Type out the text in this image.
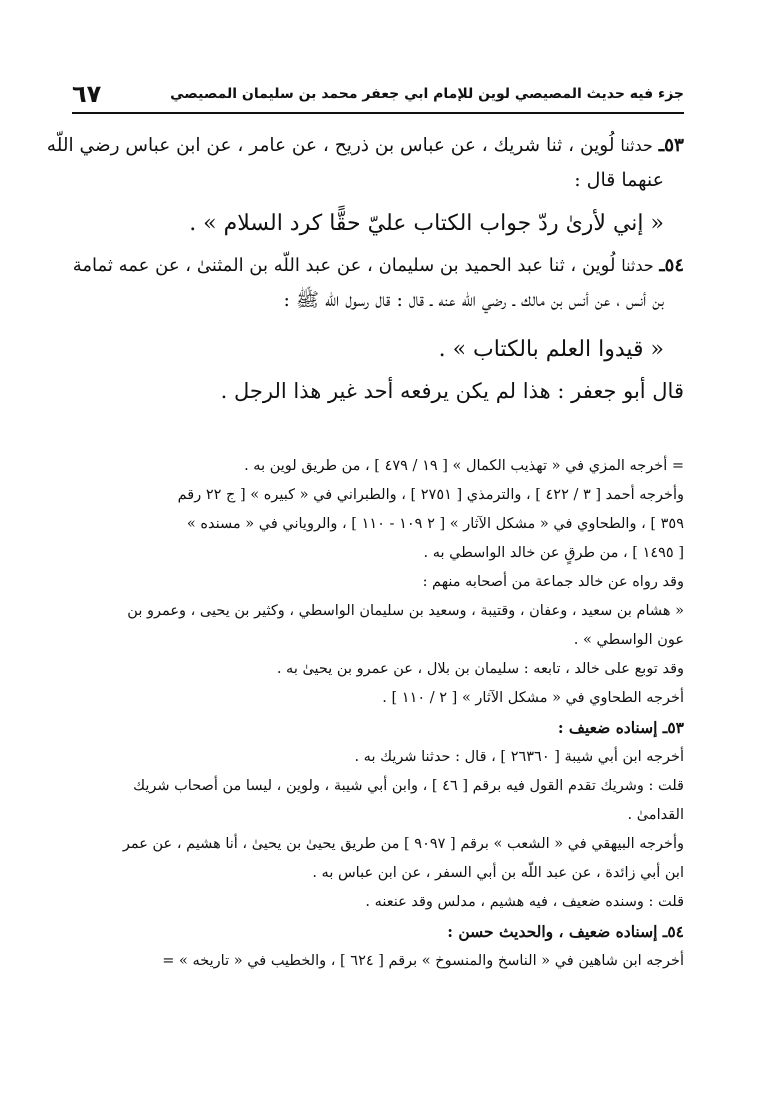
جزء فيه حديث المصيصي لوين للإمام ابي جعفر محمد بن سليمان المصيصي
٦٧
٥٣ـ حدثنا لُوين ، ثنا شريك ، عن عباس بن ذريح ، عن عامر ، عن ابن عباس رضي اللّه
عنهما قال :
« إني لأرىٰ ردّ جواب الكتاب عليّ حقًّا كرد السلام » .
٥٤ـ حدثنا لُوين ، ثنا عبد الحميد بن سليمان ، عن عبد اللّه بن المثنىٰ ، عن عمه ثمامة
بن أنس ، عن أنس بن مالك ـ رضي اللّه عنه ـ قال : قال رسول اللّه ﷺ :
« قيدوا العلم بالكتاب » .
قال أبو جعفر : هذا لم يكن يرفعه أحد غير هذا الرجل .

= أخرجه المزي في « تهذيب الكمال » [ ١٩ / ٤٧٩ ] ، من طريق لوين به .

وأخرجه أحمد [ ٣ / ٤٢٢ ] ، والترمذي [ ٢٧٥١ ] ، والطبراني في « كبيره » [ ج ٢٢ رقم

٣٥٩ ] ، والطحاوي في « مشكل الآثار » [ ٢ ١٠٩ - ١١٠ ] ، والروياني في « مسنده »

[ ١٤٩٥ ] ، من طرقٍ عن خالد الواسطي به .

وقد رواه عن خالد جماعة من أصحابه منهم :

« هشام بن سعيد ، وعفان ، وقتيبة ، وسعيد بن سليمان الواسطي ، وكثير بن يحيى ، وعمرو بن

عون الواسطي » .

وقد توبع على خالد ، تابعه : سليمان بن بلال ، عن عمرو بن يحيىٰ به .

أخرجه الطحاوي في « مشكل الآثار » [ ٢ / ١١٠ ] .

٥٣ـ إسناده ضعيف :

أخرجه ابن أبي شيبة [ ٢٦٣٦٠ ] ، قال : حدثنا شريك به .

قلت : وشريك تقدم القول فيه برقم [ ٤٦ ] ، وابن أبي شيبة ، ولوين ، ليسا من أصحاب شريك

القدامىٰ .

وأخرجه البيهقي في « الشعب » برقم [ ٩٠٩٧ ] من طريق يحيىٰ بن يحيىٰ ، أنا هشيم ، عن عمر

ابن أبي زائدة ، عن عبد اللّه بن أبي السفر ، عن ابن عباس به .

قلت : وسنده ضعيف ، فيه هشيم ، مدلس وقد عنعنه .

٥٤ـ إسناده ضعيف ، والحديث حسن :

أخرجه ابن شاهين في « الناسخ والمنسوخ » برقم [ ٦٢٤ ] ، والخطيب في « تاريخه » =
